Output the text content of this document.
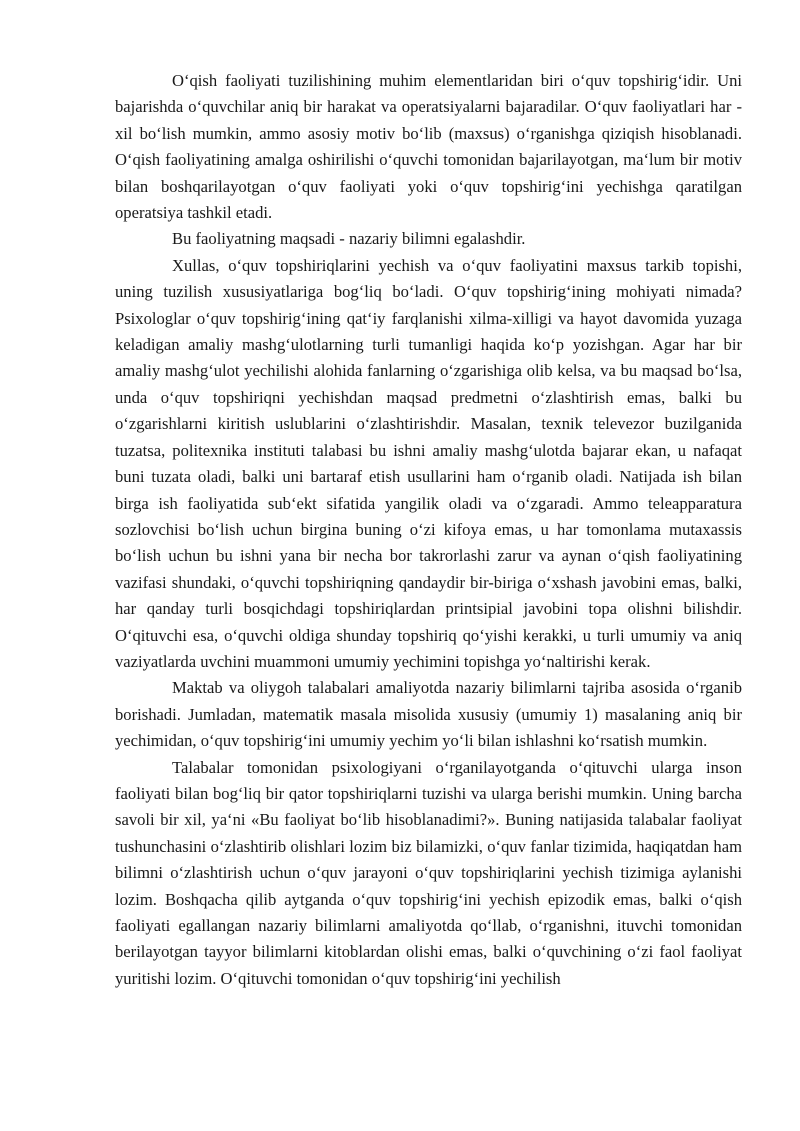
O‘qish faoliyati tuzilishining muhim elementlaridan biri o‘quv topshirig‘idir. Uni bajarishda o‘quvchilar aniq bir harakat va operatsiyalarni bajaradilar. O‘quv faoliyatlari har - xil bo‘lish mumkin, ammo asosiy motiv bo‘lib (maxsus) o‘rganishga qiziqish hisoblanadi. O‘qish faoliyatining amalga oshirilishi o‘quvchi tomonidan bajarilayotgan, ma‘lum bir motiv bilan boshqarilayotgan o‘quv faoliyati yoki o‘quv topshirig‘ini yechishga qaratilgan operatsiya tashkil etadi.

Bu faoliyatning maqsadi - nazariy bilimni egalashdir.

Xullas, o‘quv topshiriqlarini yechish va o‘quv faoliyatini maxsus tarkib topishi, uning tuzilish xususiyatlariga bog‘liq bo‘ladi. O‘quv topshirig‘ining mohiyati nimada? Psixologlar o‘quv topshirig‘ining qat‘iy farqlanishi xilma-xilligi va hayot davomida yuzaga keladigan amaliy mashg‘ulotlarning turli tumanligi haqida ko‘p yozishgan. Agar har bir amaliy mashg‘ulot yechilishi alohida fanlarning o‘zgarishiga olib kelsa, va bu maqsad bo‘lsa, unda o‘quv topshiriqni yechishdan maqsad predmetni o‘zlashtirish emas, balki bu o‘zgarishlarni kiritish uslublarini o‘zlashtirishdir. Masalan, texnik televezor buzilganida tuzatsa, politexnika instituti talabasi bu ishni amaliy mashg‘ulotda bajarar ekan, u nafaqat buni tuzata oladi, balki uni bartaraf etish usullarini ham o‘rganib oladi. Natijada ish bilan birga ish faoliyatida sub‘ekt sifatida yangilik oladi va o‘zgaradi. Ammo teleapparatura sozlovchisi bo‘lish uchun birgina buning o‘zi kifoya emas, u har tomonlama mutaxassis bo‘lish uchun bu ishni yana bir necha bor takrorlashi zarur va aynan o‘qish faoliyatining vazifasi shundaki, o‘quvchi topshiriqning qandaydir bir-biriga o‘xshash javobini emas, balki, har qanday turli bosqichdagi topshiriqlardan printsipial javobini topa olishni bilishdir. O‘qituvchi esa, o‘quvchi oldiga shunday topshiriq qo‘yishi kerakki, u turli umumiy va aniq vaziyatlarda uvchini muammoni umumiy yechimini topishga yo‘naltirishi kerak.

Maktab va oliygoh talabalari amaliyotda nazariy bilimlarni tajriba asosida o‘rganib borishadi. Jumladan, matematik masala misolida xususiy (umumiy 1) masalaning aniq bir yechimidan, o‘quv topshirig‘ini umumiy yechim yo‘li bilan ishlashni ko‘rsatish mumkin.

Talabalar tomonidan psixologiyani o‘rganilayotganda o‘qituvchi ularga inson faoliyati bilan bog‘liq bir qator topshiriqlarni tuzishi va ularga berishi mumkin. Uning barcha savoli bir xil, ya‘ni «Bu faoliyat bo‘lib hisoblanadimi?». Buning natijasida talabalar faoliyat tushunchasini o‘zlashtirib olishlari lozim biz bilamizki, o‘quv fanlar tizimida, haqiqatdan ham bilimni o‘zlashtirish uchun o‘quv jarayoni o‘quv topshiriqlarini yechish tizimiga aylanishi lozim. Boshqacha qilib aytganda o‘quv topshirig‘ini yechish epizodik emas, balki o‘qish faoliyati egallangan nazariy bilimlarni amaliyotda qo‘llab, o‘rganishni, ituvchi tomonidan berilayotgan tayyor bilimlarni kitoblardan olishi emas, balki o‘quvchining o‘zi faol faoliyat yuritishi lozim. O‘qituvchi tomonidan o‘quv topshirig‘ini yechilish
